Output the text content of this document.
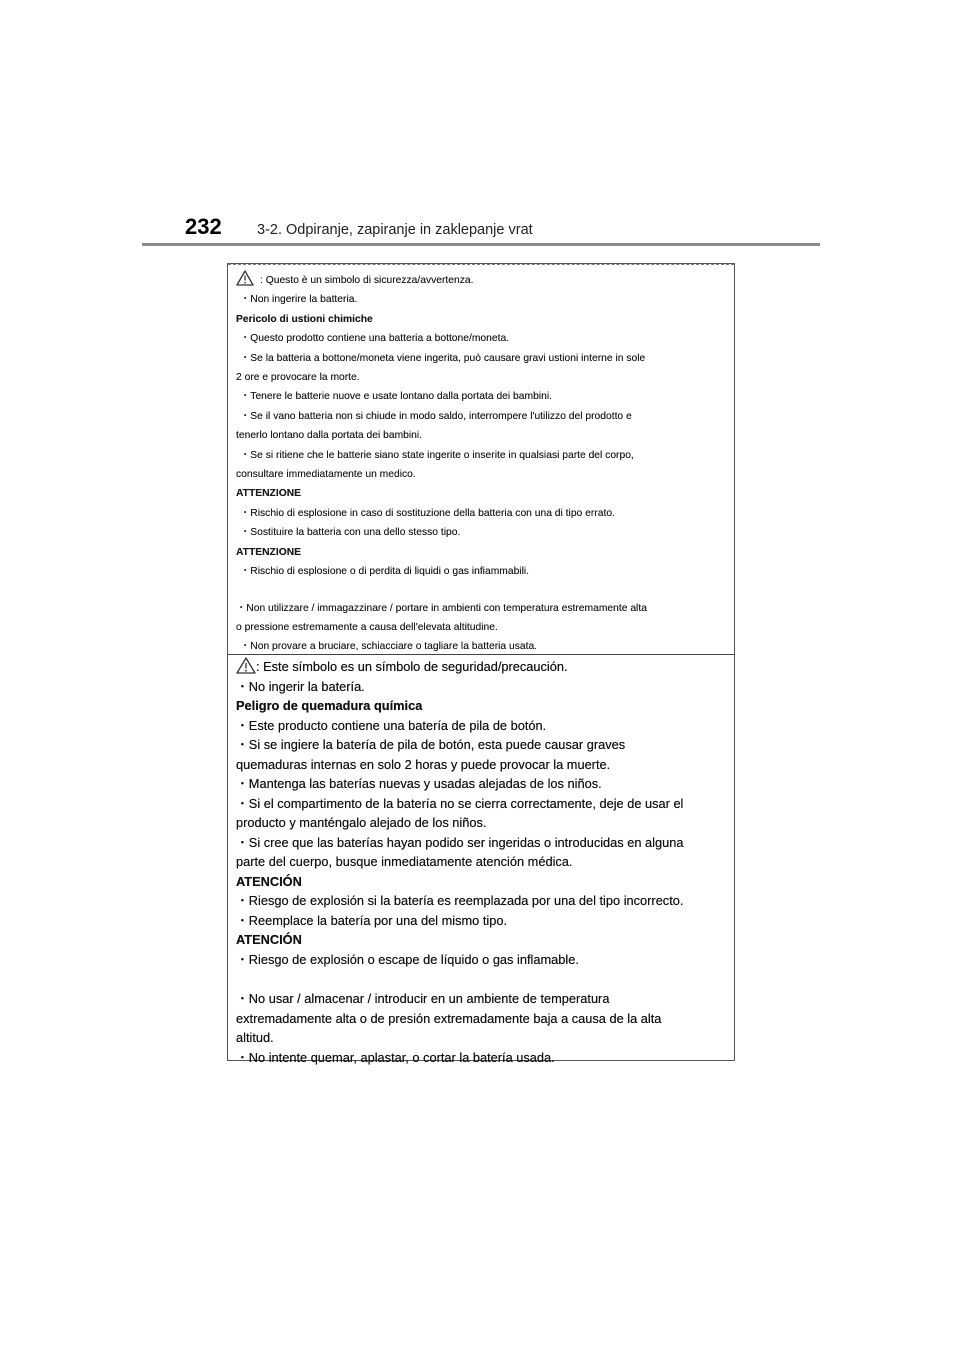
232 3-2. Odpiranje, zapiranje in zaklepanje vrat
: Questo è un simbolo di sicurezza/avvertenza.
・Non ingerire la batteria.
Pericolo di ustioni chimiche
・Questo prodotto contiene una batteria a bottone/moneta.
・Se la batteria a bottone/moneta viene ingerita, può causare gravi ustioni interne in sole
2 ore e provocare la morte.
・Tenere le batterie nuove e usate lontano dalla portata dei bambini.
・Se il vano batteria non si chiude in modo saldo, interrompere l'utilizzo del prodotto e
tenerlo lontano dalla portata dei bambini.
・Se si ritiene che le batterie siano state ingerite o inserite in qualsiasi parte del corpo,
consultare immediatamente un medico.
ATTENZIONE
・Rischio di esplosione in caso di sostituzione della batteria con una di tipo errato.
・Sostituire la batteria con una dello stesso tipo.
ATTENZIONE
・Rischio di esplosione o di perdita di liquidi o gas infiammabili.
・Non utilizzare / immagazzinare / portare in ambienti con temperatura estremamente alta
o pressione estremamente a causa dell'elevata altitudine.
・Non provare a bruciare, schiacciare o tagliare la batteria usata.
: Este símbolo es un símbolo de seguridad/precaución.
・No ingerir la batería.
Peligro de quemadura química
・Este producto contiene una batería de pila de botón.
・Si se ingiere la batería de pila de botón, esta puede causar graves
quemaduras internas en solo 2 horas y puede provocar la muerte.
・Mantenga las baterías nuevas y usadas alejadas de los niños.
・Si el compartimento de la batería no se cierra correctamente, deje de usar el
producto y manténgalo alejado de los niños.
・Si cree que las baterías hayan podido ser ingeridas o introducidas en alguna
parte del cuerpo, busque inmediatamente atención médica.
ATENCIÓN
・Riesgo de explosión si la batería es reemplazada por una del tipo incorrecto.
・Reemplace la batería por una del mismo tipo.
ATENCIÓN
・Riesgo de explosión o escape de líquido o gas inflamable.
・No usar / almacenar / introducir en un ambiente de temperatura
extremadamente alta o de presión extremadamente baja a causa de la alta
altitud.
・No intente quemar, aplastar, o cortar la batería usada.
